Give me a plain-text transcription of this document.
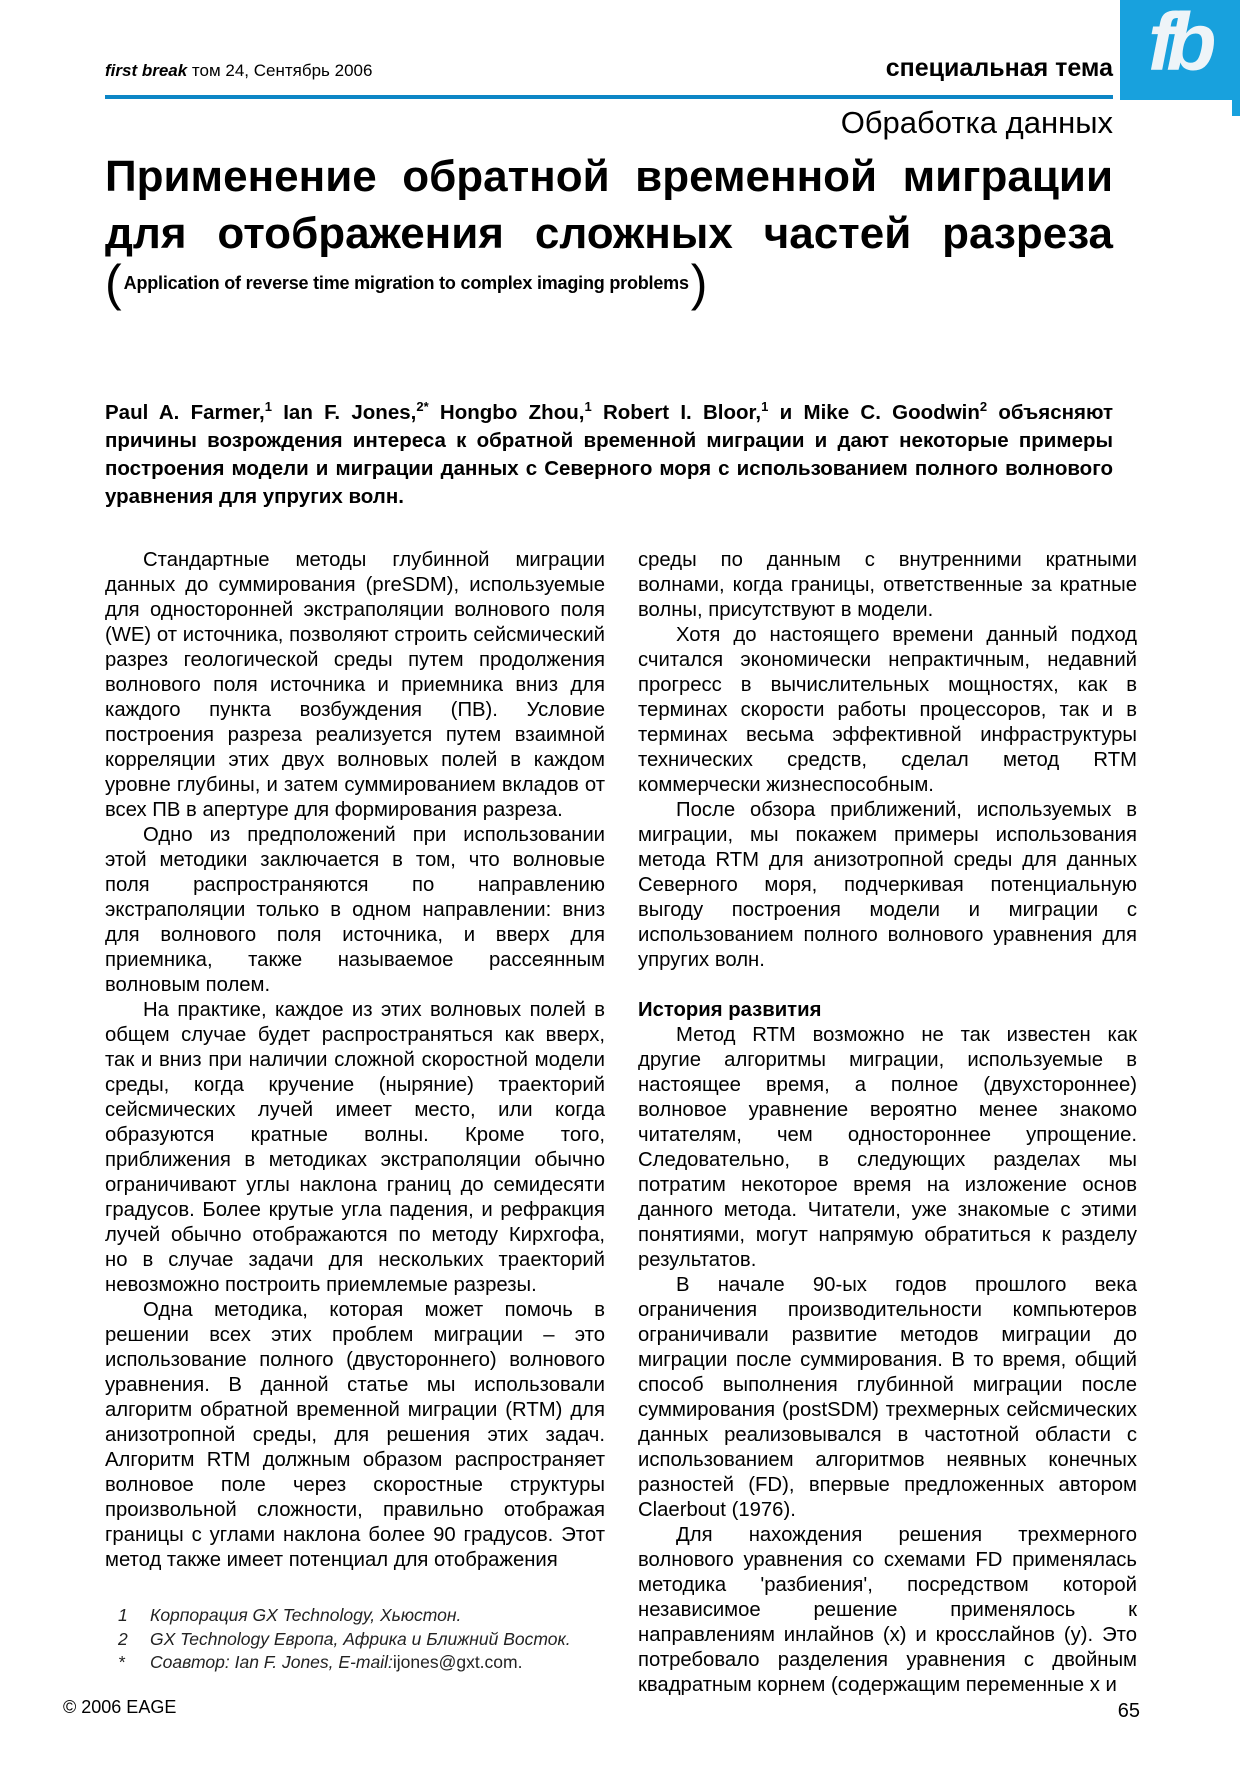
first break том 24, Сентябрь 2006	специальная тема fb
Обработка данных
Применение обратной временной миграции
для отображения сложных частей разреза
( Application of reverse time migration to complex imaging problems )
Paul A. Farmer,$^1$ Ian F. Jones,$^{2*}$ Hongbo Zhou,$^1$ Robert I. Bloor,$^1$ и Mike C. Goodwin$^2$ объясняют причины возрождения интереса к обратной временной миграции и дают некоторые примеры построения модели и миграции данных с Северного моря с использованием полного волнового уравнения для упругих волн.

Стандартные методы глубинной миграции данных до суммирования (preSDM), используемые для односторонней экстраполяции волнового поля (WE) от источника, позволяют строить сейсмический разрез геологической среды путем продолжения волнового поля источника и приемника вниз для каждого пункта возбуждения (ПВ). Условие построения разреза реализуется путем взаимной корреляции этих двух волновых полей в каждом уровне глубины, и затем суммированием вкладов от всех ПВ в апертуре для формирования разреза.

Одно из предположений при использовании этой методики заключается в том, что волновые поля распространяются по направлению экстраполяции только в одном направлении: вниз для волнового поля источника, и вверх для приемника, также называемое рассеянным волновым полем.

На практике, каждое из этих волновых полей в общем случае будет распространяться как вверх, так и вниз при наличии сложной скоростной модели среды, когда кручение (ныряние) траекторий сейсмических лучей имеет место, или когда образуются кратные волны. Кроме того, приближения в методиках экстраполяции обычно ограничивают углы наклона границ до семидесяти градусов. Более крутые угла падения, и рефракция лучей обычно отображаются по методу Кирхгофа, но в случае задачи для нескольких траекторий невозможно построить приемлемые разрезы.

Одна методика, которая может помочь в решении всех этих проблем миграции – это использование полного (двустороннего) волнового уравнения. В данной статье мы использовали алгоритм обратной временной миграции (RTM) для анизотропной среды, для решения этих задач. Алгоритм RTM должным образом распространяет волновое поле через скоростные структуры произвольной сложности, правильно отображая границы с углами наклона более 90 градусов. Этот метод также имеет потенциал для отображения

среды по данным с внутренними кратными волнами, когда границы, ответственные за кратные волны, присутствуют в модели.

Хотя до настоящего времени данный подход считался экономически непрактичным, недавний прогресс в вычислительных мощностях, как в терминах скорости работы процессоров, так и в терминах весьма эффективной инфраструктуры технических средств, сделал метод RTM коммерчески жизнеспособным.

После обзора приближений, используемых в миграции, мы покажем примеры использования метода RTM для анизотропной среды для данных Северного моря, подчеркивая потенциальную выгоду построения модели и миграции с использованием полного волнового уравнения для упругих волн.

История развития

Метод RTM возможно не так известен как другие алгоритмы миграции, используемые в настоящее время, а полное (двухстороннее) волновое уравнение вероятно менее знакомо читателям, чем одностороннее упрощение. Следовательно, в следующих разделах мы потратим некоторое время на изложение основ данного метода. Читатели, уже знакомые с этими понятиями, могут напрямую обратиться к разделу результатов.

В начале 90-ых годов прошлого века ограничения производительности компьютеров ограничивали развитие методов миграции до миграции после суммирования. В то время, общий способ выполнения глубинной миграции после суммирования (postSDM) трехмерных сейсмических данных реализовывался в частотной области с использованием алгоритмов неявных конечных разностей (FD), впервые предложенных автором Claerbout (1976).

Для нахождения решения трехмерного волнового уравнения со схемами FD применялась методика 'разбиения', посредством которой независимое решение применялось к направлениям инлайнов (x) и кросслайнов (y). Это потребовало разделения уравнения с двойным квадратным корнем (содержащим переменные x и

1	Корпорация GX Technology, Хьюстон.
2	GX Technology Европа, Африка и Ближний Восток.
*	Соавтор: Ian F. Jones, E-mail: ijones@gxt.com.
© 2006 EAGE	65
